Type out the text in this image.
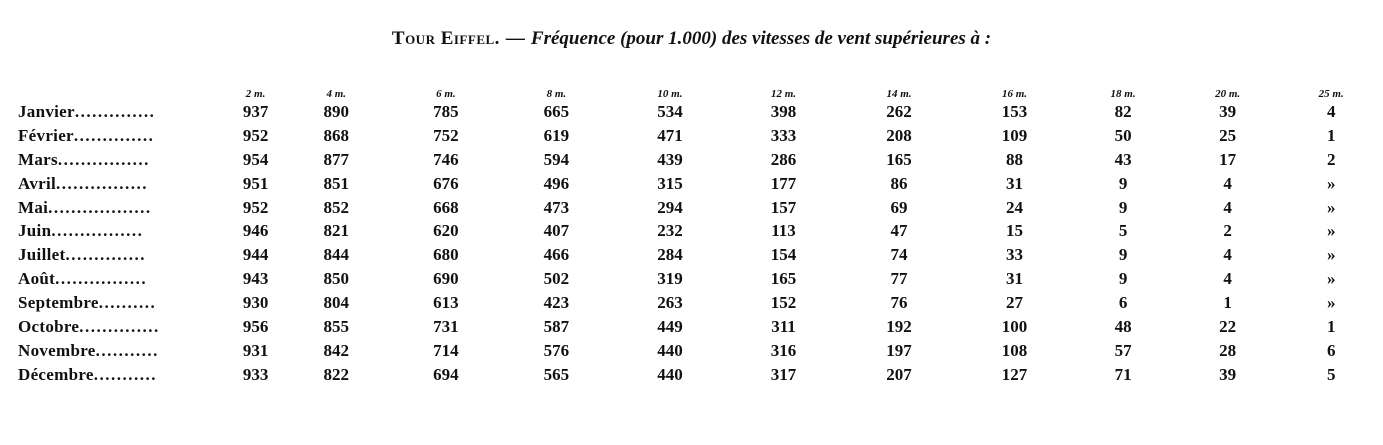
Tour Eiffel. — Fréquence (pour 1.000) des vitesses de vent supérieures à :
	2 m.	4 m.	6 m.	8 m.	10 m.	12 m.	14 m.	16 m.	18 m.	20 m.	25 m.
Janvier..............	937	890	785	665	534	398	262	153	82	39	4
Février..............	952	868	752	619	471	333	208	109	50	25	1
Mars................	954	877	746	594	439	286	165	88	43	17	2
Avril................	951	851	676	496	315	177	86	31	9	4	»
Mai..................	952	852	668	473	294	157	69	24	9	4	»
Juin................	946	821	620	407	232	113	47	15	5	2	»
Juillet..............	944	844	680	466	284	154	74	33	9	4	»
Août................	943	850	690	502	319	165	77	31	9	4	»
Septembre..........	930	804	613	423	263	152	76	27	6	1	»
Octobre..............	956	855	731	587	449	311	192	100	48	22	1
Novembre...........	931	842	714	576	440	316	197	108	57	28	6
Décembre...........	933	822	694	565	440	317	207	127	71	39	5
